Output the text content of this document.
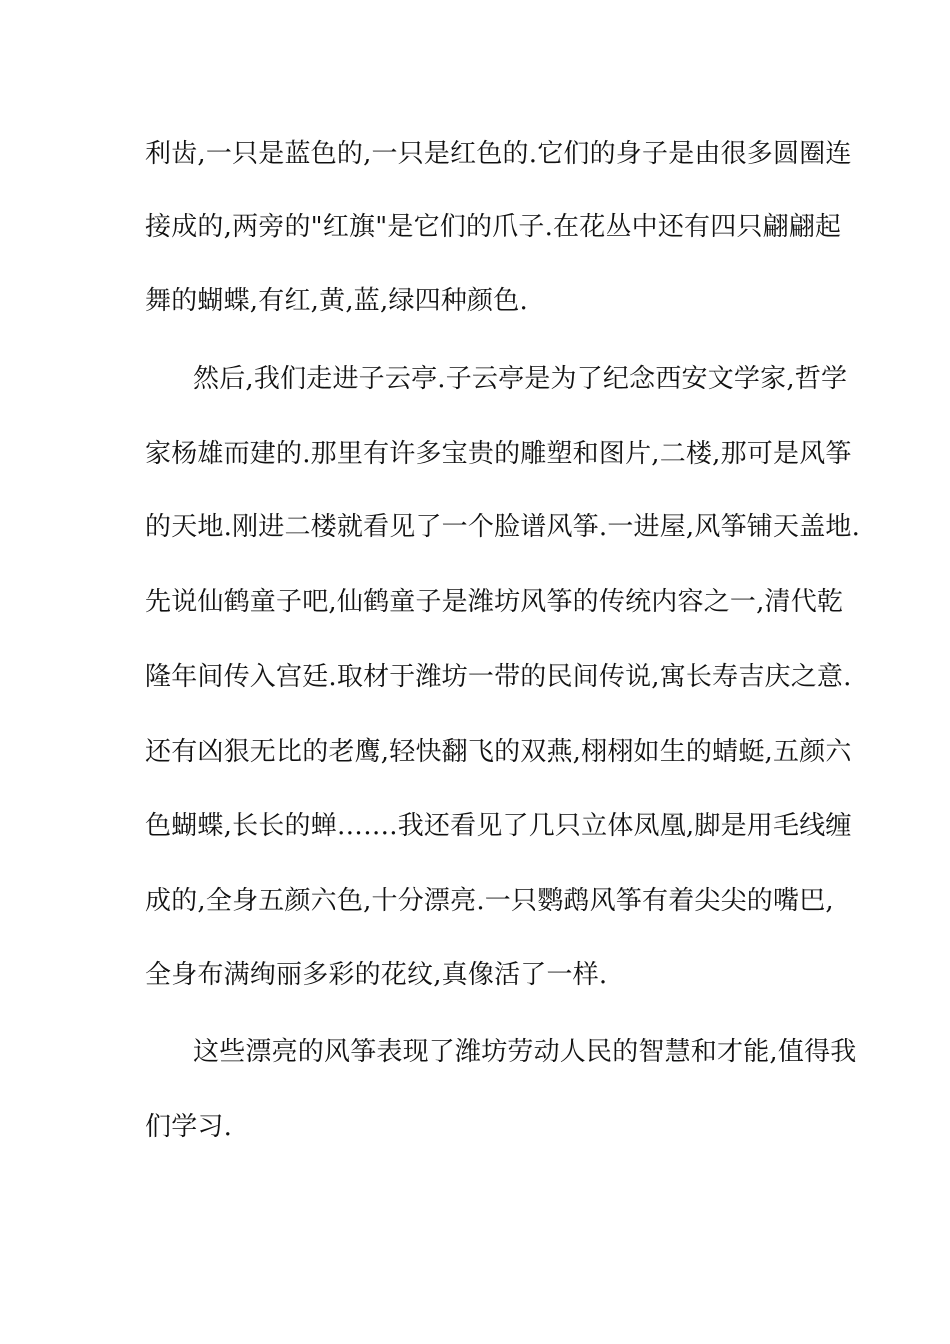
利齿,一只是蓝色的,一只是红色的.它们的身子是由很多圆圈连
接成的,两旁的"红旗"是它们的爪子.在花丛中还有四只翩翩起
舞的蝴蝶,有红,黄,蓝,绿四种颜色.
然后,我们走进子云亭.子云亭是为了纪念西安文学家,哲学
家杨雄而建的.那里有许多宝贵的雕塑和图片,二楼,那可是风筝
的天地.刚进二楼就看见了一个脸谱风筝.一进屋,风筝铺天盖地.
先说仙鹤童子吧,仙鹤童子是潍坊风筝的传统内容之一,清代乾
隆年间传入宫廷.取材于潍坊一带的民间传说,寓长寿吉庆之意.
还有凶狠无比的老鹰,轻快翻飞的双燕,栩栩如生的蜻蜓,五颜六
色蝴蝶,长长的蝉…….我还看见了几只立体凤凰,脚是用毛线缠
成的,全身五颜六色,十分漂亮.一只鹦鹉风筝有着尖尖的嘴巴,
全身布满绚丽多彩的花纹,真像活了一样.
这些漂亮的风筝表现了潍坊劳动人民的智慧和才能,值得我
们学习.
